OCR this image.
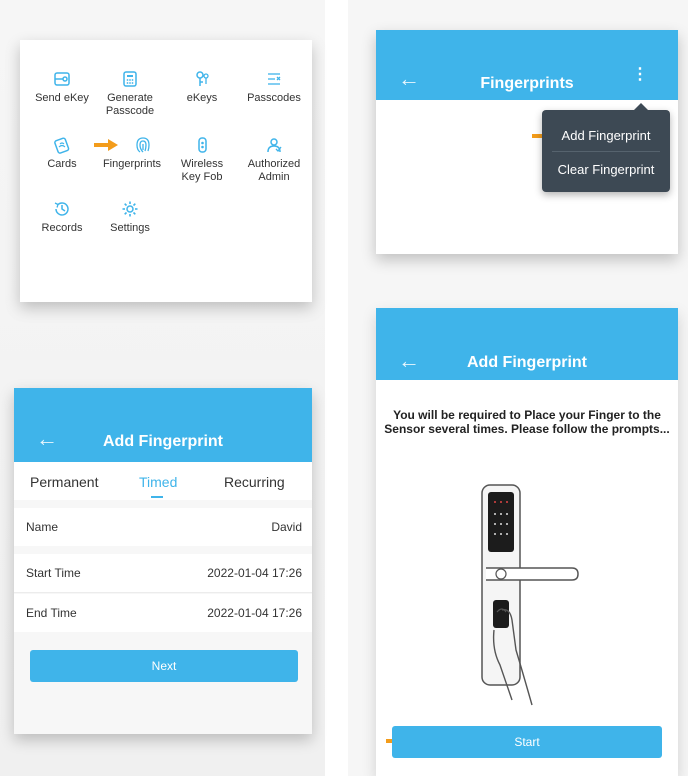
Send eKey	Generate
Passcode
eKeys	Passcodes
Cards	Fingerprints	Wireless
Key Fob
Authorized
Admin
Records	Settings
←	Fingerprints
⋮
Add Fingerprint
Clear Fingerprint
←	Add Fingerprint
Permanent	Timed	Recurring
Name	David
Start Time	2022-01-04 17:26
End Time	2022-01-04 17:26
Next
←	Add Fingerprint
You will be required to Place your Finger to the Sensor several times. Please follow the prompts...
Start
